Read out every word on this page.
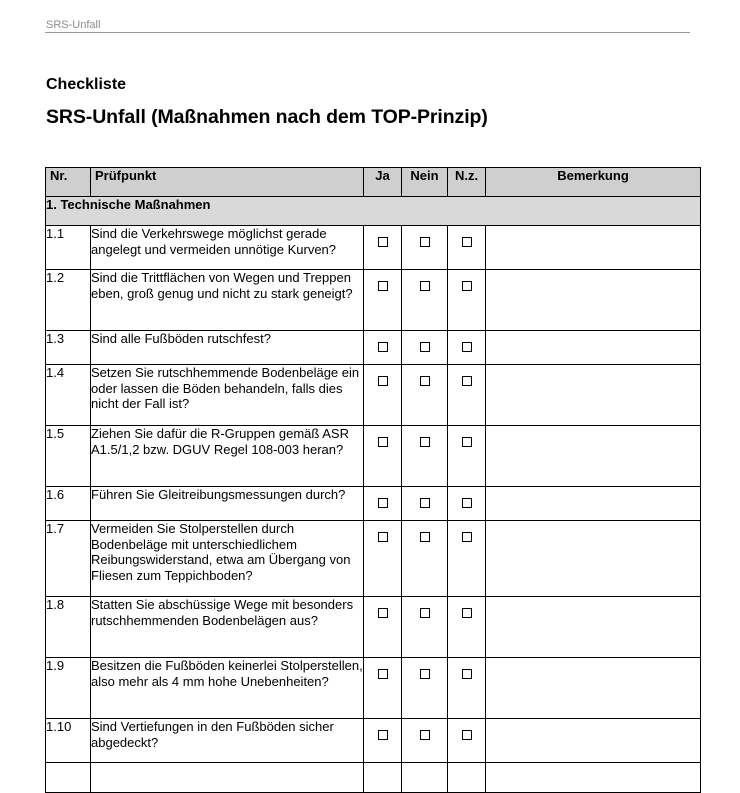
SRS-Unfall
Checkliste
SRS-Unfall (Maßnahmen nach dem TOP-Prinzip)
Nr.	Prüfpunkt	Ja	Nein	N.z.	Bemerkung
1. Technische Maßnahmen					
1.1	Sind die Verkehrswege möglichst gerade angelegt und vermeiden unnötige Kurven?				
1.2	Sind die Trittflächen von Wegen und Treppen eben, groß genug und nicht zu stark geneigt?				
1.3	Sind alle Fußböden rutschfest?				
1.4	Setzen Sie rutschhemmende Bodenbeläge ein oder lassen die Böden behandeln, falls dies nicht der Fall ist?				
1.5	Ziehen Sie dafür die R-Gruppen gemäß ASR A1.5/1,2 bzw. DGUV Regel 108-003 heran?				
1.6	Führen Sie Gleitreibungsmessungen durch?				
1.7	Vermeiden Sie Stolperstellen durch Bodenbeläge mit unterschiedlichem Reibungswiderstand, etwa am Übergang von Fliesen zum Teppichboden?				
1.8	Statten Sie abschüssige Wege mit besonders rutschhemmenden Bodenbelägen aus?				
1.9	Besitzen die Fußböden keinerlei Stolperstellen, also mehr als 4 mm hohe Unebenheiten?				
1.10	Sind Vertiefungen in den Fußböden sicher abgedeckt?				
